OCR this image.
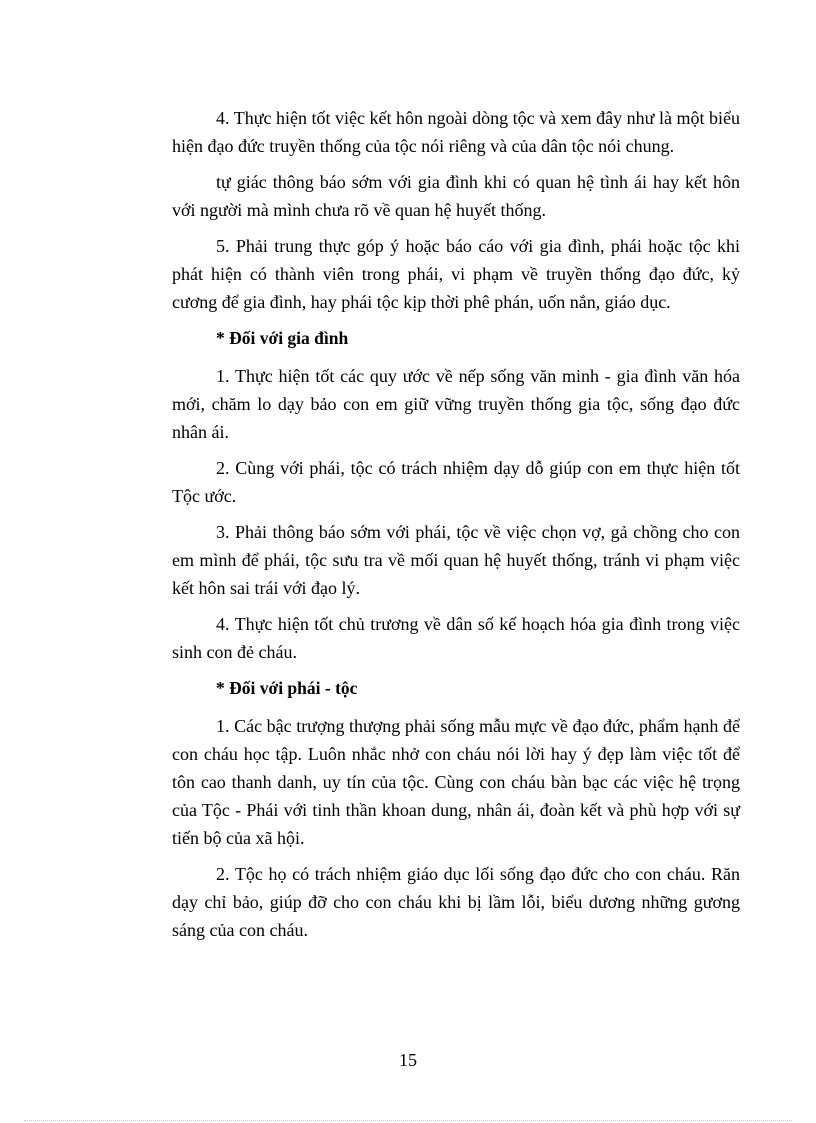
4. Thực hiện tốt việc kết hôn ngoài dòng tộc và xem đây như là một biểu hiện đạo đức truyền thống của tộc nói riêng và của dân tộc nói chung.

tự giác thông báo sớm với gia đình khi có quan hệ tình ái hay kết hôn với người mà mình chưa rõ về quan hệ huyết thống.

5. Phải trung thực góp ý hoặc báo cáo với gia đình, phái hoặc tộc khi phát hiện có thành viên trong phái, vi phạm về truyền thống đạo đức, kỷ cương để gia đình, hay phái tộc kịp thời phê phán, uốn nắn, giáo dục.

* Đối với gia đình

1. Thực hiện tốt các quy ước về nếp sống văn minh - gia đình văn hóa mới, chăm lo dạy bảo con em giữ vững truyền thống gia tộc, sống đạo đức nhân ái.

2. Cùng với phái, tộc có trách nhiệm dạy dỗ giúp con em thực hiện tốt Tộc ước.

3. Phải thông báo sớm với phái, tộc về việc chọn vợ, gả chồng cho con em mình để phái, tộc sưu tra về mối quan hệ huyết thống, tránh vi phạm việc kết hôn sai trái với đạo lý.

4. Thực hiện tốt chủ trương về dân số kế hoạch hóa gia đình trong việc sinh con đẻ cháu.

* Đối với phái - tộc

1. Các bậc trượng thượng phải sống mẫu mực về đạo đức, phẩm hạnh để con cháu học tập. Luôn nhắc nhở con cháu nói lời hay ý đẹp làm việc tốt để tôn cao thanh danh, uy tín của tộc. Cùng con cháu bàn bạc các việc hệ trọng của Tộc - Phái với tinh thần khoan dung, nhân ái, đoàn kết và phù hợp với sự tiến bộ của xã hội.

2. Tộc họ có trách nhiệm giáo dục lối sống đạo đức cho con cháu. Răn dạy chỉ bảo, giúp đỡ cho con cháu khi bị lầm lỗi, biểu dương những gương sáng của con cháu.

15
